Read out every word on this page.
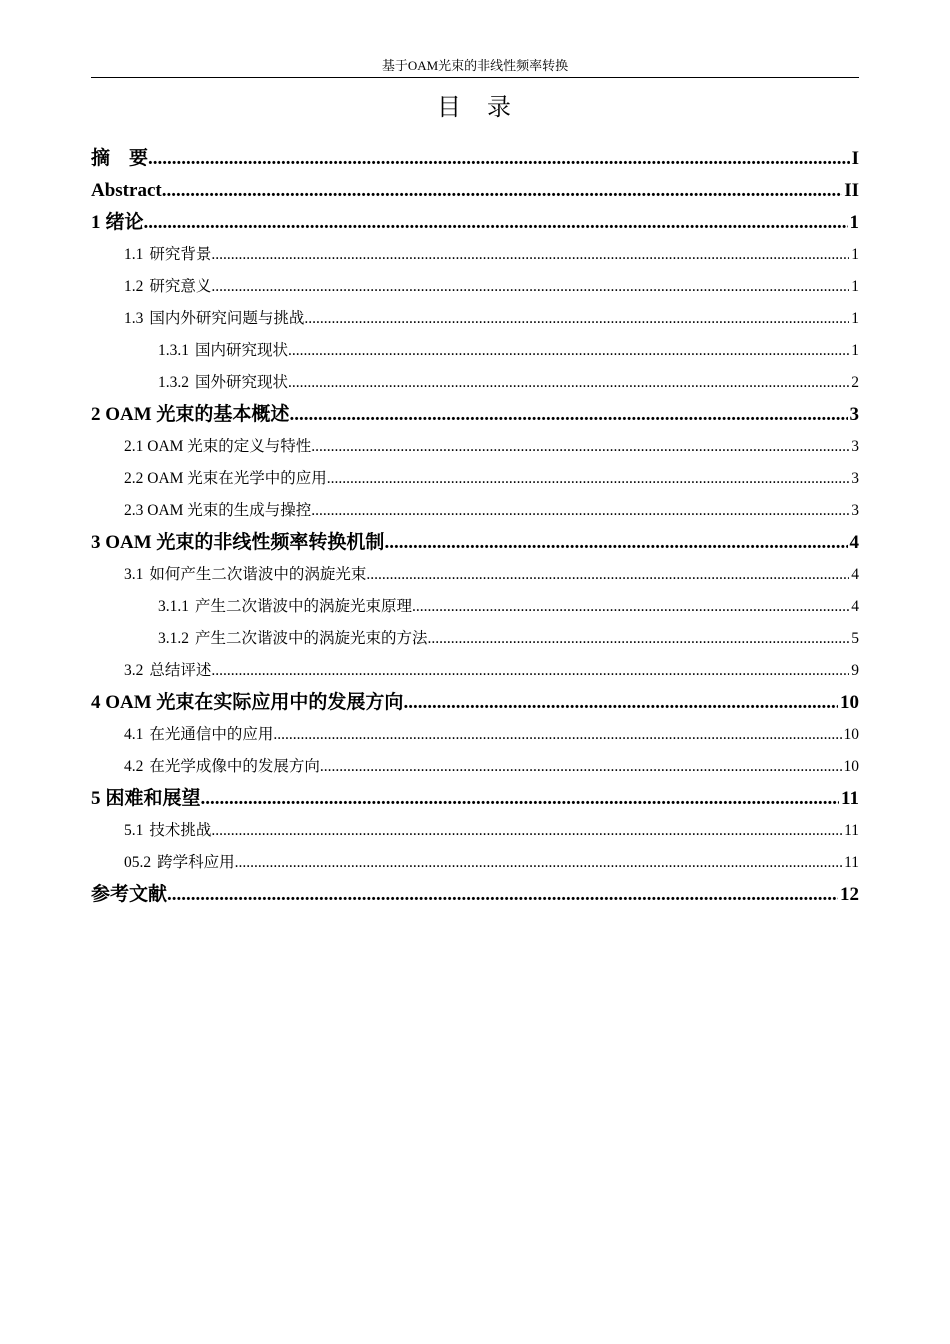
基于OAM光束的非线性频率转换
目 录
摘　要 .....	I
Abstract .....	II
1 绪论 .....	1
1.1 研究背景 .....	1
1.2 研究意义 .....	1
1.3 国内外研究问题与挑战 .....	1
1.3.1 国内研究现状 .....	1
1.3.2 国外研究现状 .....	2
2 OAM 光束的基本概述 .....	3
2.1 OAM 光束的定义与特性 .....	3
2.2 OAM 光束在光学中的应用 .....	3
2.3 OAM 光束的生成与操控 .....	3
3 OAM 光束的非线性频率转换机制 .....	4
3.1 如何产生二次谐波中的涡旋光束 .....	4
3.1.1 产生二次谐波中的涡旋光束原理 .....	4
3.1.2 产生二次谐波中的涡旋光束的方法 .....	5
3.2 总结评述 .....	9
4 OAM 光束在实际应用中的发展方向 .....	10
4.1 在光通信中的应用 .....	10
4.2 在光学成像中的发展方向 .....	10
5 困难和展望 .....	11
5.1 技术挑战 .....	11
05.2 跨学科应用 .....	11
参考文献 .....	12
